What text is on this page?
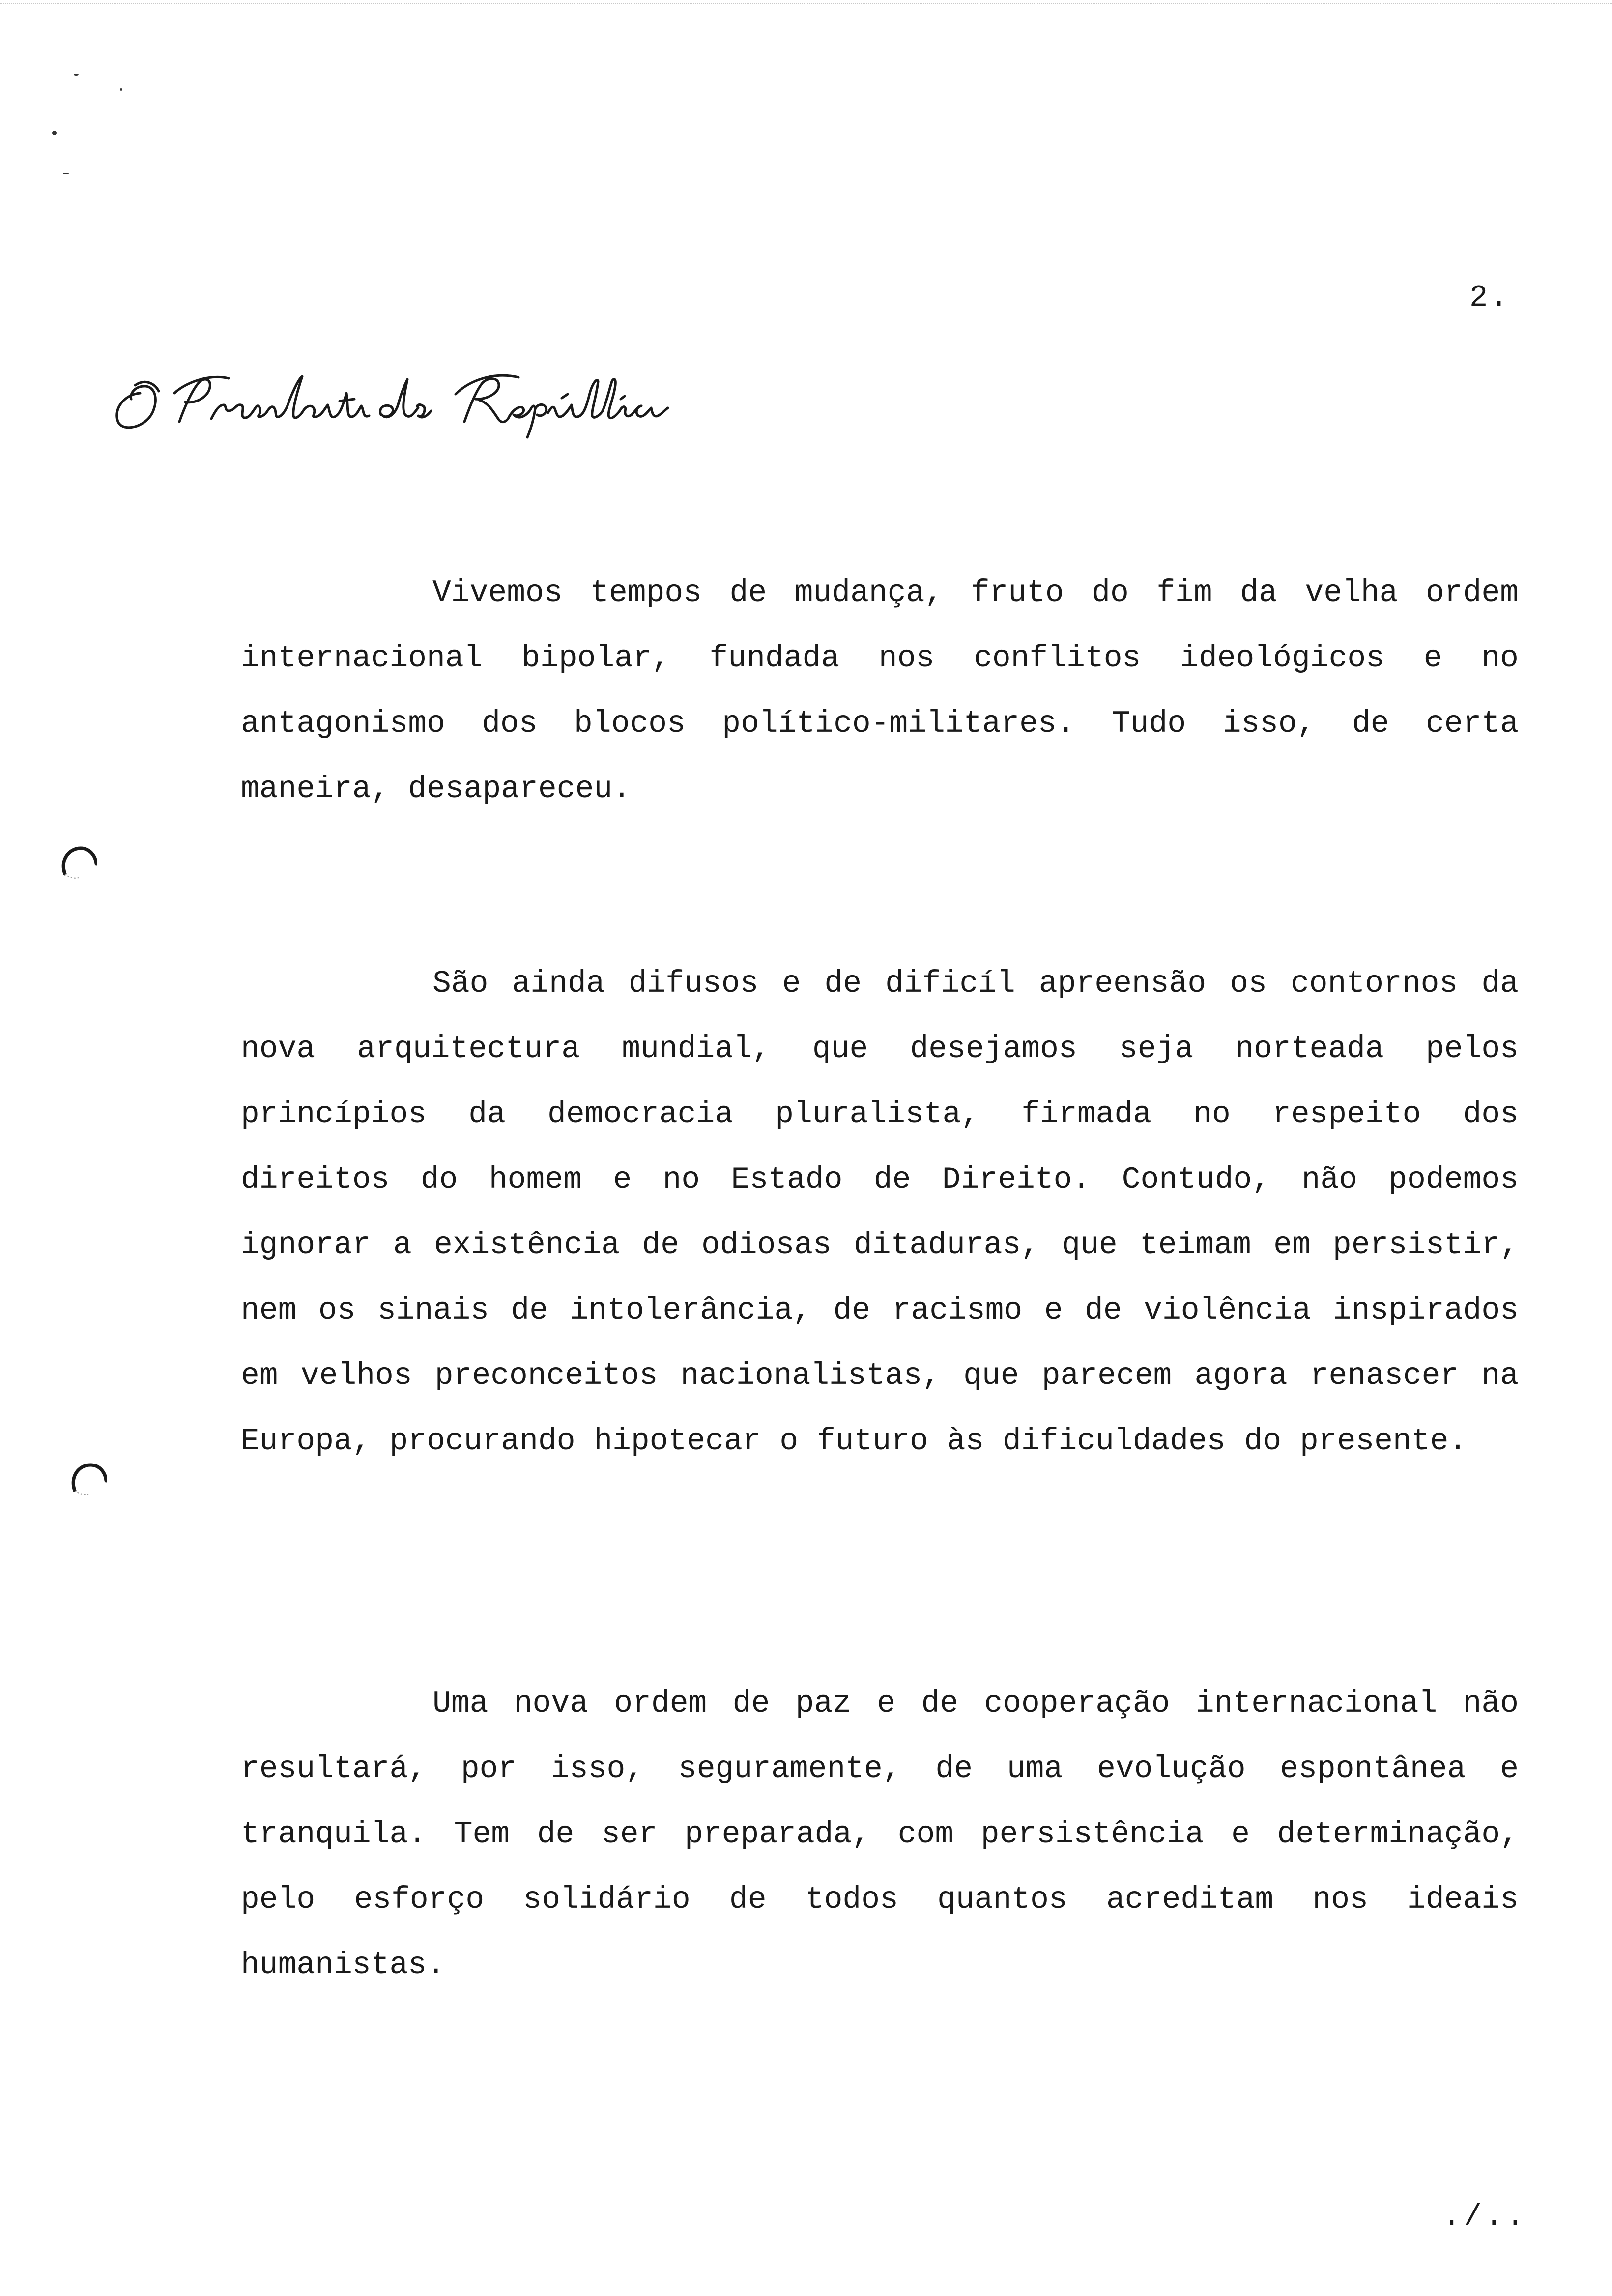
2.

Vivemos tempos de mudança, fruto do fim da velha ordem internacional bipolar, fundada nos conflitos ideológicos e no antagonismo dos blocos político-militares. Tudo isso, de certa maneira, desapareceu.

São ainda difusos e de dificíl apreensão os contornos da nova arquitectura mundial, que desejamos seja norteada pelos princípios da democracia pluralista, firmada no respeito dos direitos do homem e no Estado de Direito. Contudo, não podemos ignorar a existência de odiosas ditaduras, que teimam em persistir, nem os sinais de intolerância, de racismo e de violência inspirados em velhos preconceitos nacionalistas, que parecem agora renascer na Europa, procurando hipotecar o futuro às dificuldades do presente.

Uma nova ordem de paz e de cooperação internacional não resultará, por isso, seguramente, de uma evolução espontânea e tranquila. Tem de ser preparada, com persistência e determinação, pelo esforço solidário de todos quantos acreditam nos ideais humanistas.

./..
